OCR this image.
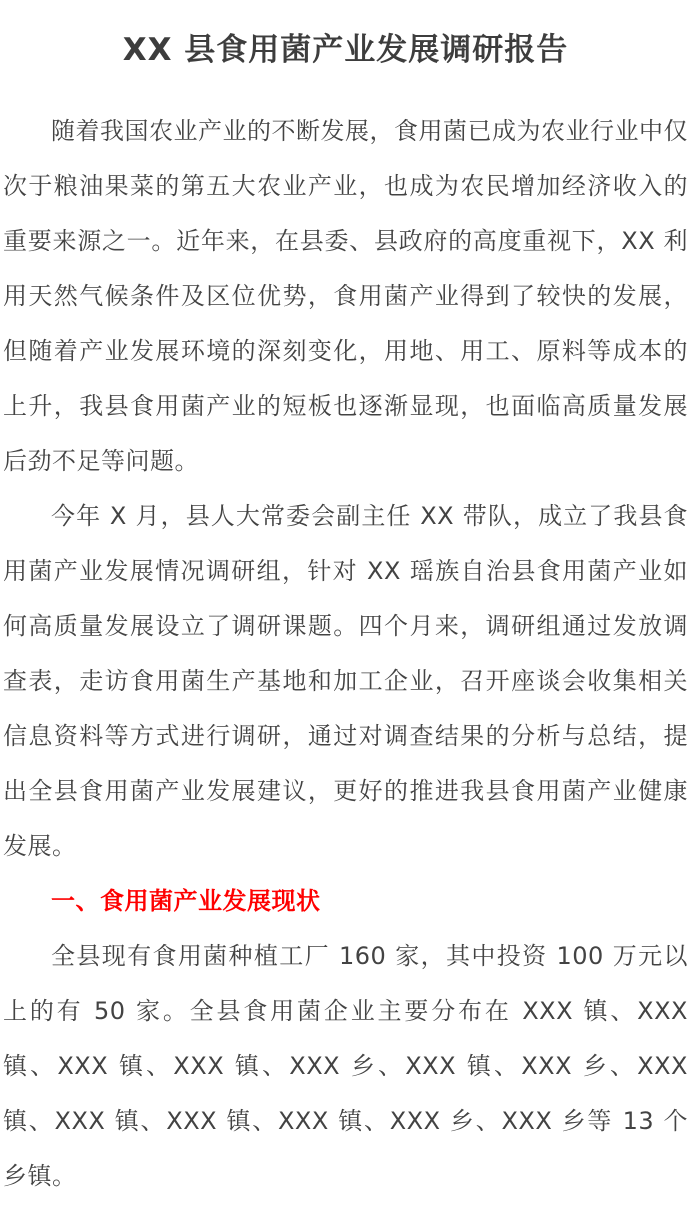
XX 县食用菌产业发展调研报告

随着我国农业产业的不断发展，食用菌已成为农业行业中仅次于粮油果菜的第五大农业产业，也成为农民增加经济收入的重要来源之一。近年来，在县委、县政府的高度重视下，XX 利用天然气候条件及区位优势，食用菌产业得到了较快的发展，但随着产业发展环境的深刻变化，用地、用工、原料等成本的上升，我县食用菌产业的短板也逐渐显现，也面临高质量发展后劲不足等问题。

今年 X 月，县人大常委会副主任 XX 带队，成立了我县食用菌产业发展情况调研组，针对 XX 瑶族自治县食用菌产业如何高质量发展设立了调研课题。四个月来，调研组通过发放调查表，走访食用菌生产基地和加工企业，召开座谈会收集相关信息资料等方式进行调研，通过对调查结果的分析与总结，提出全县食用菌产业发展建议，更好的推进我县食用菌产业健康发展。

一、食用菌产业发展现状

全县现有食用菌种植工厂 160 家，其中投资 100 万元以上的有 50 家。全县食用菌企业主要分布在 XXX 镇、XXX 镇、XXX 镇、XXX 镇、XXX 乡、XXX 镇、XXX 乡、XXX 镇、XXX 镇、XXX 镇、XXX 镇、XXX 乡、XXX 乡等 13 个乡镇。
